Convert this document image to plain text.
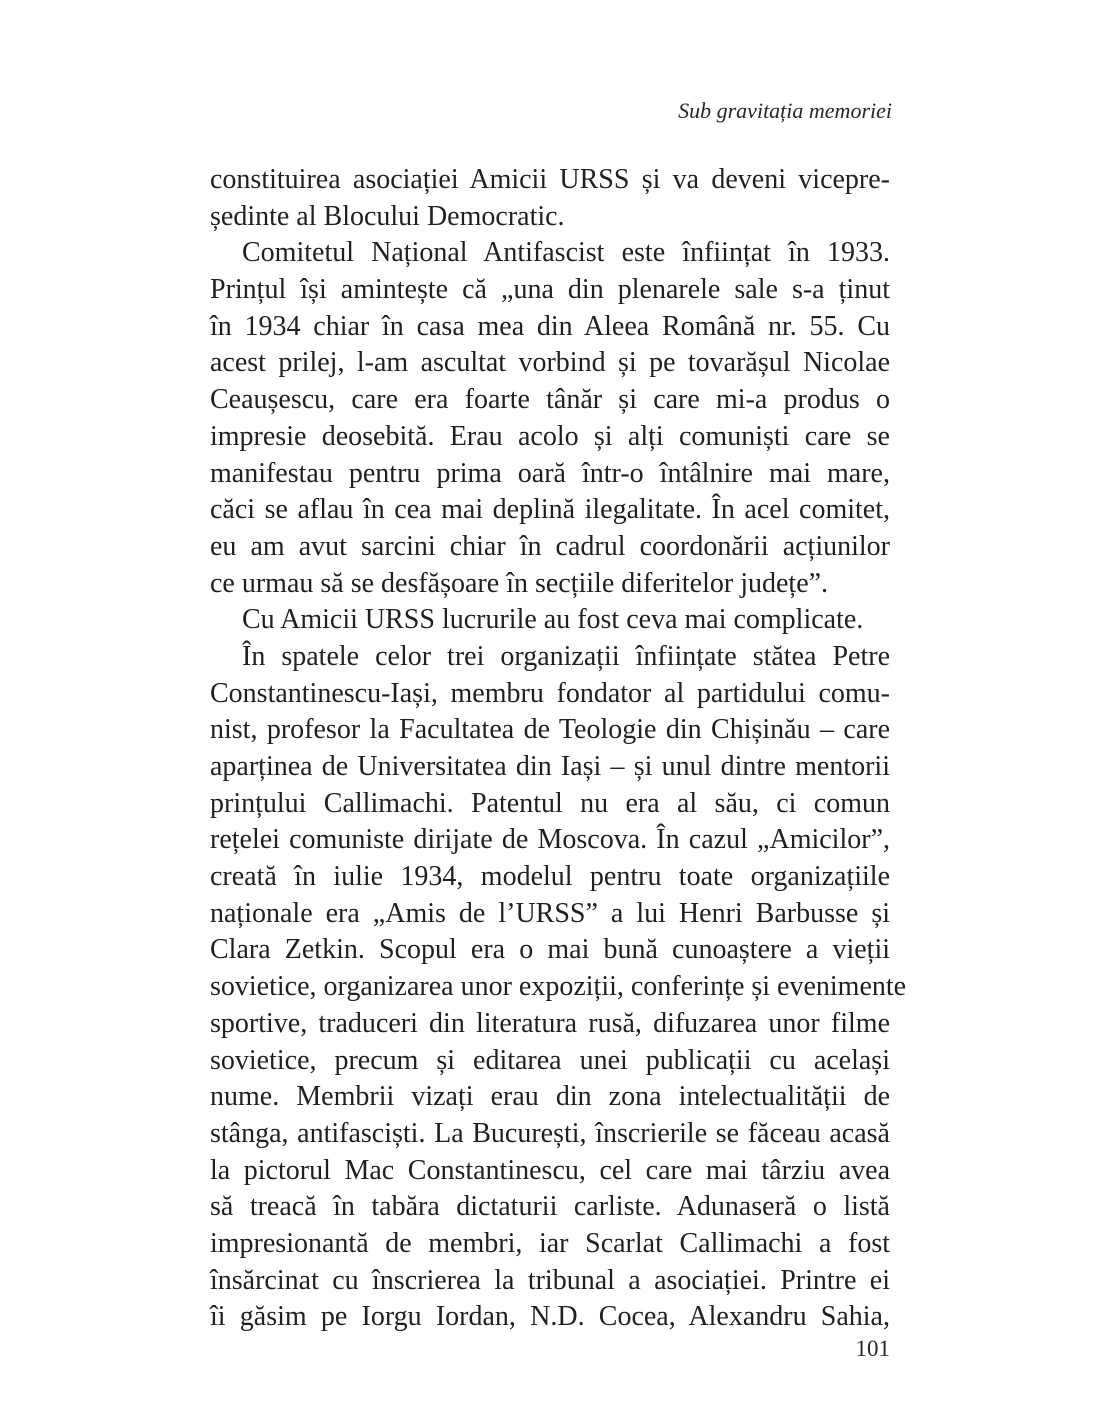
Sub gravitația memoriei
constituirea asociației Amicii URSS și va deveni vicepre-
ședinte al Blocului Democratic.
Comitetul Național Antifascist este înființat în 1933.
Prințul își amintește că „una din plenarele sale s-a ținut
în 1934 chiar în casa mea din Aleea Română nr. 55. Cu
acest prilej, l-am ascultat vorbind și pe tovarășul Nicolae
Ceaușescu, care era foarte tânăr și care mi-a produs o
impresie deosebită. Erau acolo și alți comuniști care se
manifestau pentru prima oară într-o întâlnire mai mare,
căci se aflau în cea mai deplină ilegalitate. În acel comitet,
eu am avut sarcini chiar în cadrul coordonării acțiunilor
ce urmau să se desfășoare în secțiile diferitelor județe”.
Cu Amicii URSS lucrurile au fost ceva mai complicate.
În spatele celor trei organizații înființate stătea Petre
Constantinescu-Iași, membru fondator al partidului comu-
nist, profesor la Facultatea de Teologie din Chișinău – care
aparținea de Universitatea din Iași – și unul dintre mentorii
prințului Callimachi. Patentul nu era al său, ci comun
rețelei comuniste dirijate de Moscova. În cazul „Amicilor”,
creată în iulie 1934, modelul pentru toate organizațiile
naționale era „Amis de l’URSS” a lui Henri Barbusse și
Clara Zetkin. Scopul era o mai bună cunoaștere a vieții
sovietice, organizarea unor expoziții, conferințe și evenimente
sportive, traduceri din literatura rusă, difuzarea unor filme
sovietice, precum și editarea unei publicații cu același
nume. Membrii vizați erau din zona intelectualității de
stânga, antifasciști. La București, înscrierile se făceau acasă
la pictorul Mac Constantinescu, cel care mai târziu avea
să treacă în tabăra dictaturii carliste. Adunaseră o listă
impresionantă de membri, iar Scarlat Callimachi a fost
însărcinat cu înscrierea la tribunal a asociației. Printre ei
îi găsim pe Iorgu Iordan, N.D. Cocea, Alexandru Sahia,
101
